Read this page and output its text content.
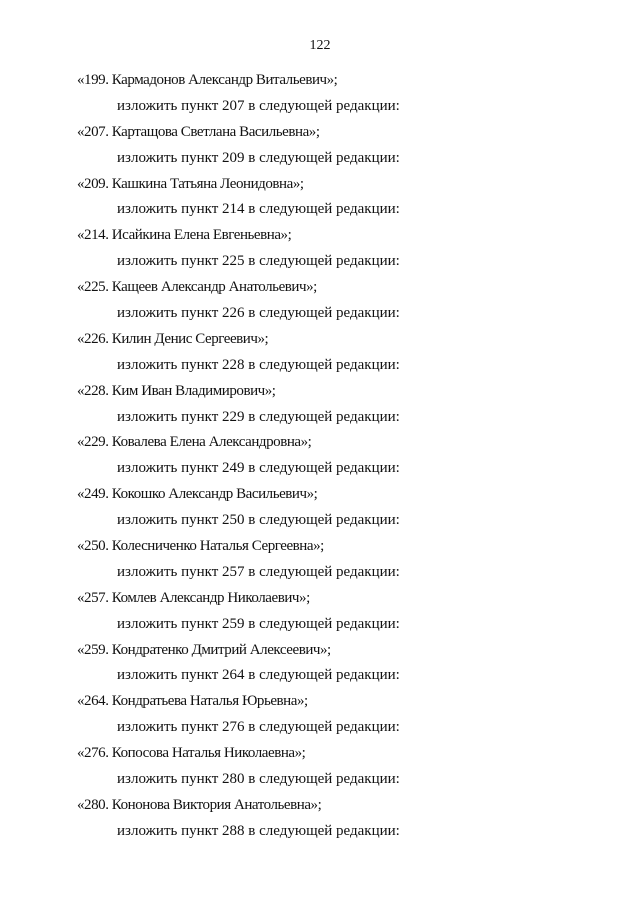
122
«199. Кармадонов Александр Витальевич»;
изложить пункт 207 в следующей редакции:
«207. Картащова Светлана Васильевна»;
изложить пункт 209 в следующей редакции:
«209. Кашкина Татьяна Леонидовна»;
изложить пункт 214 в следующей редакции:
«214. Исайкина Елена Евгеньевна»;
изложить пункт 225 в следующей редакции:
«225. Кащеев Александр Анатольевич»;
изложить пункт 226 в следующей редакции:
«226. Килин Денис Сергеевич»;
изложить пункт 228 в следующей редакции:
«228. Ким Иван Владимирович»;
изложить пункт 229 в следующей редакции:
«229. Ковалева Елена Александровна»;
изложить пункт 249 в следующей редакции:
«249. Кокошко Александр Васильевич»;
изложить пункт 250 в следующей редакции:
«250. Колесниченко Наталья Сергеевна»;
изложить пункт 257 в следующей редакции:
«257. Комлев Александр Николаевич»;
изложить пункт 259 в следующей редакции:
«259. Кондратенко Дмитрий Алексеевич»;
изложить пункт 264 в следующей редакции:
«264. Кондратьева Наталья Юрьевна»;
изложить пункт 276 в следующей редакции:
«276. Копосова Наталья Николаевна»;
изложить пункт 280 в следующей редакции:
«280. Кононова Виктория Анатольевна»;
изложить пункт 288 в следующей редакции:
